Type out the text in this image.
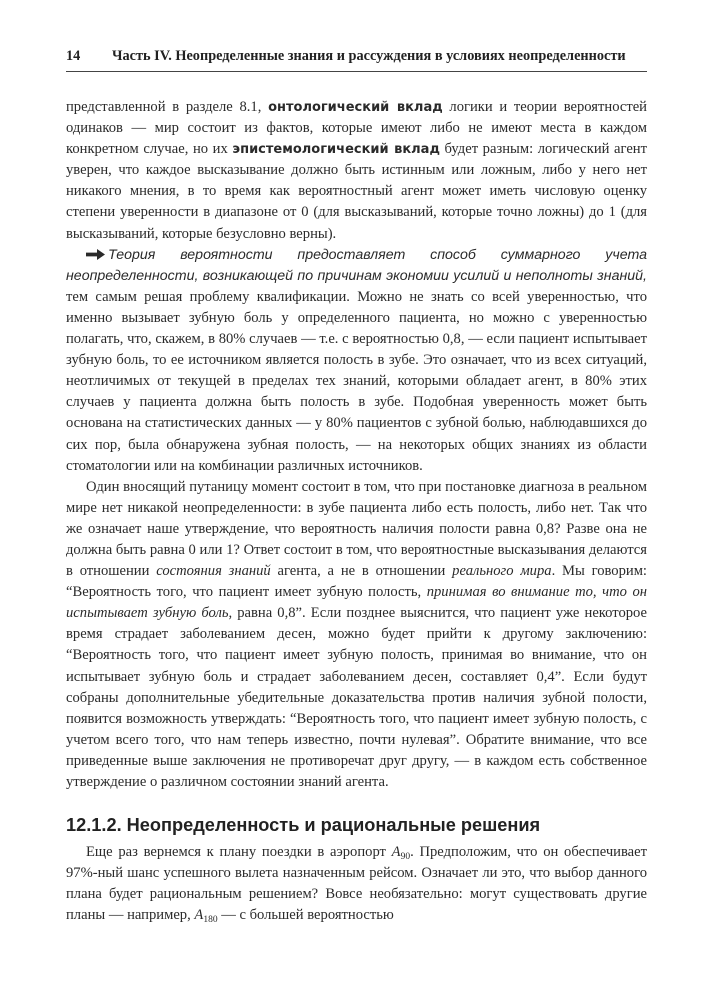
14	Часть IV. Неопределенные знания и рассуждения в условиях неопределенности

представленной в разделе 8.1, онтологический вклад логики и теории вероятностей одинаков — мир состоит из фактов, которые имеют либо не имеют места в каждом конкретном случае, но их эпистемологический вклад будет разным: логический агент уверен, что каждое высказывание должно быть истинным или ложным, либо у него нет никакого мнения, в то время как вероятностный агент может иметь числовую оценку степени уверенности в диапазоне от 0 (для высказываний, которые точно ложны) до 1 (для высказываний, которые безусловно верны).

Теория вероятности предоставляет способ суммарного учета неопределенности, возникающей по причинам экономии усилий и неполноты знаний, тем самым решая проблему квалификации. Можно не знать со всей уверенностью, что именно вызывает зубную боль у определенного пациента, но можно с уверенностью полагать, что, скажем, в 80% случаев — т.е. с вероятностью 0,8, — если пациент испытывает зубную боль, то ее источником является полость в зубе. Это означает, что из всех ситуаций, неотличимых от текущей в пределах тех знаний, которыми обладает агент, в 80% этих случаев у пациента должна быть полость в зубе. Подобная уверенность может быть основана на статистических данных — у 80% пациентов с зубной болью, наблюдавшихся до сих пор, была обнаружена зубная полость, — на некоторых общих знаниях из области стоматологии или на комбинации различных источников.

Один вносящий путаницу момент состоит в том, что при постановке диагноза в реальном мире нет никакой неопределенности: в зубе пациента либо есть полость, либо нет. Так что же означает наше утверждение, что вероятность наличия полости равна 0,8? Разве она не должна быть равна 0 или 1? Ответ состоит в том, что вероятностные высказывания делаются в отношении состояния знаний агента, а не в отношении реального мира. Мы говорим: “Вероятность того, что пациент имеет зубную полость, принимая во внимание то, что он испытывает зубную боль, равна 0,8”. Если позднее выяснится, что пациент уже некоторое время страдает заболеванием десен, можно будет прийти к другому заключению: “Вероятность того, что пациент имеет зубную полость, принимая во внимание, что он испытывает зубную боль и страдает заболеванием десен, составляет 0,4”. Если будут собраны дополнительные убедительные доказательства против наличия зубной полости, появится возможность утверждать: “Вероятность того, что пациент имеет зубную полость, с учетом всего того, что нам теперь известно, почти нулевая”. Обратите внимание, что все приведенные выше заключения не противоречат друг другу, — в каждом есть собственное утверждение о различном состоянии знаний агента.

12.1.2. Неопределенность и рациональные решения

Еще раз вернемся к плану поездки в аэропорт $A_{90}$. Предположим, что он обеспечивает 97%-ный шанс успешного вылета назначенным рейсом. Означает ли это, что выбор данного плана будет рациональным решением? Вовсе необязательно: могут существовать другие планы — например, $A_{180}$ — с большей вероятностью
